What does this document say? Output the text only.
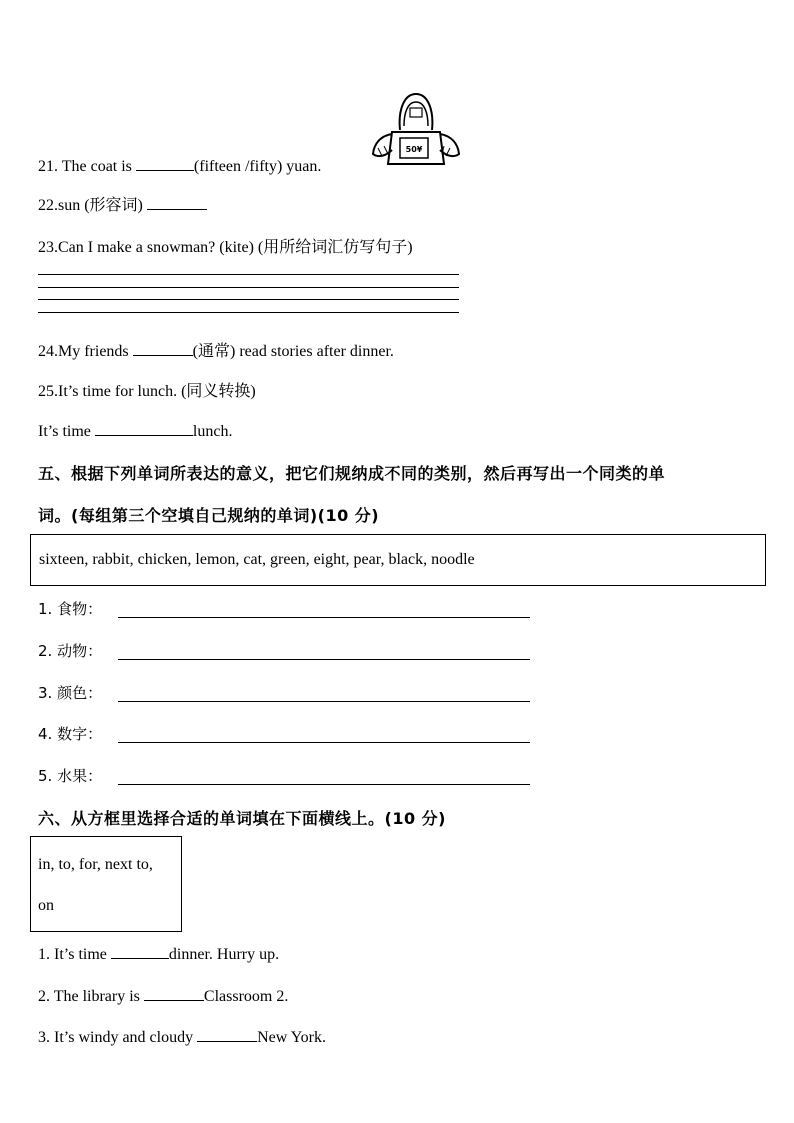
50¥
21. The coat is	(fifteen /fifty) yuan.
22.sun (形容词)
23.Can I make a snowman? (kite) (用所给词汇仿写句子)
24.My friends	(通常) read stories after dinner.
25.It’s time for lunch. (同义转换)
It’s time	lunch.
五、根据下列单词所表达的意义，把它们规纳成不同的类别，然后再写出一个同类的单
词。(每组第三个空填自己规纳的单词)(10 分)
sixteen, rabbit, chicken, lemon, cat, green, eight, pear, black, noodle
1. 食物：
2. 动物：
3. 颜色：
4. 数字：
5. 水果：
六、从方框里选择合适的单词填在下面横线上。(10 分)
in, to, for, next to,
on
1. It’s time	dinner. Hurry up.
2. The library is	Classroom 2.
3. It’s windy and cloudy	New York.
